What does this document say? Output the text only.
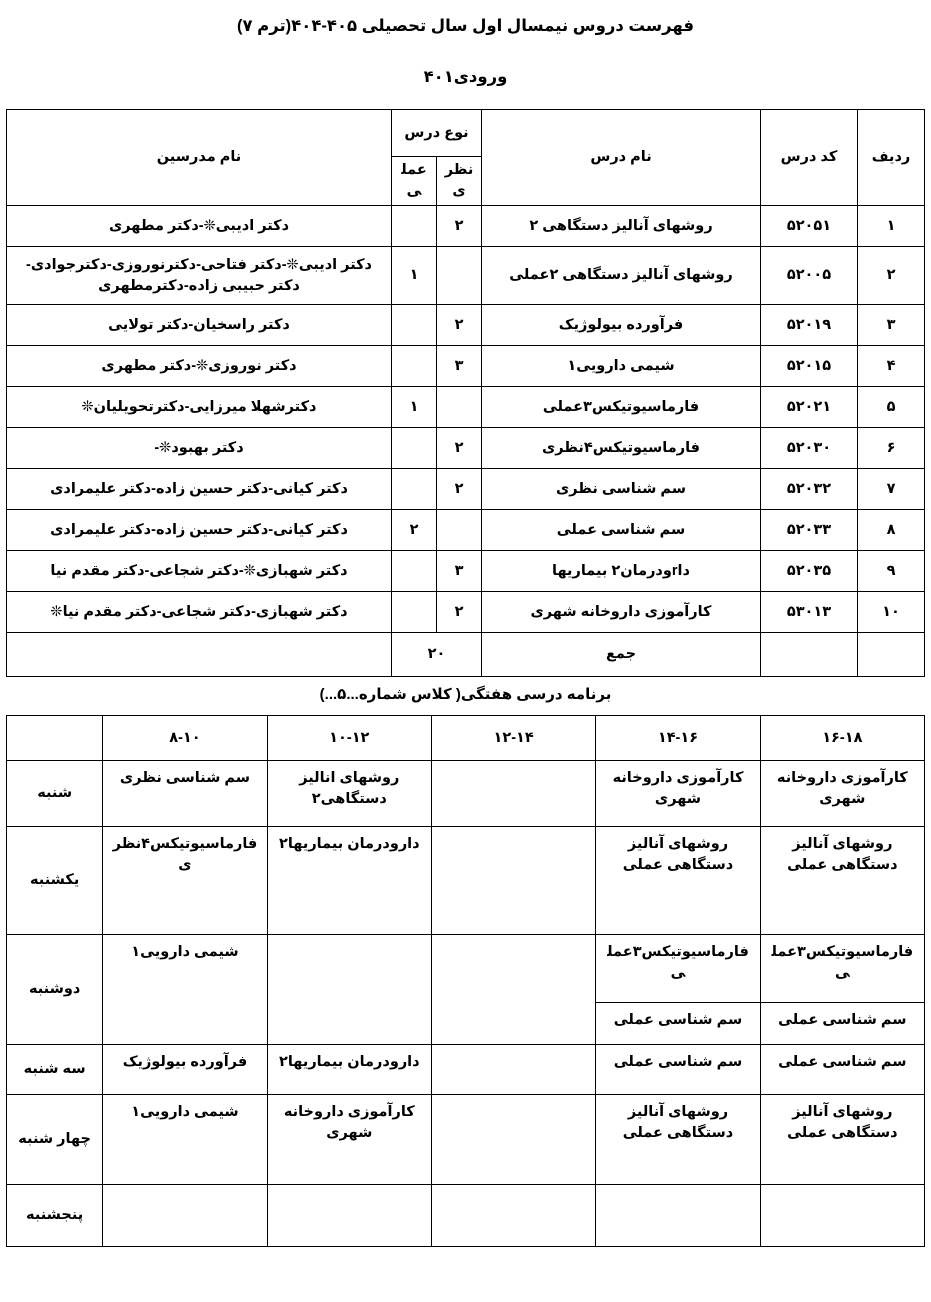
فهرست دروس نیمسال اول سال تحصیلی ۴۰۵-۴۰۴(ترم ۷)
ورودی۴۰۱
ردیف	کد درس	نام درس	نوع درس		نام مدرسین
			نظری	عملی	
۱	۵۲۰۵۱	روشهای آنالیز دستگاهی ۲	۲		دکتر ادیبی❊-دکتر مطهری
۲	۵۲۰۰۵	روشهای آنالیز دستگاهی ۲عملی		۱	دکتر ادیبی❊-دکتر فتاحی-دکترنوروزی-دکترجوادی-دکتر حبیبی زاده-دکترمطهری
۳	۵۲۰۱۹	فرآورده بیولوژیک	۲		دکتر راسخیان-دکتر تولایی
۴	۵۲۰۱۵	شیمی دارویی۱	۳		دکتر نوروزی❊-دکتر مطهری
۵	۵۲۰۲۱	فارماسیوتیکس۳عملی		۱	دکترشهلا میرزایی-دکترتحویلیان❊
۶	۵۲۰۳۰	فارماسیوتیکس۴نظری	۲		دکتر بهبود❊-
۷	۵۲۰۳۲	سم شناسی نظری	۲		دکتر کیانی-دکتر حسین زاده-دکتر علیمرادی
۸	۵۲۰۳۳	سم شناسی عملی		۲	دکتر کیانی-دکتر حسین زاده-دکتر علیمرادی
۹	۵۲۰۳۵	داrودرمان۲ بیماریها	۳		دکتر شهبازی❊-دکتر شجاعی-دکتر مقدم نیا
۱۰	۵۳۰۱۳	کارآموزی داروخانه شهری	۲		دکتر شهبازی-دکتر شجاعی-دکتر مقدم نیا❊
		جمع	۲۰		
برنامه درسی هفتگی( کلاس شماره...۵...)
۱۶-۱۸	۱۴-۱۶	۱۲-۱۴	۱۰-۱۲	۸-۱۰	
کارآموزی داروخانه شهری	کارآموزی داروخانه شهری		روشهای انالیز دستگاهی۲	سم شناسی نظری	شنبه
روشهای آنالیز دستگاهی عملی	روشهای آنالیز دستگاهی عملی		دارودرمان بیماریها۲	فارماسیوتیکس۴نظری	یکشنبه
فارماسیوتیکس۳عملی	فارماسیوتیکس۳عملی			شیمی دارویی۱	دوشنبه
سم شناسی عملی	سم شناسی عملی				
سم شناسی عملی	سم شناسی عملی		دارودرمان بیماریها۲	فرآورده بیولوژیک	سه شنبه
روشهای آنالیز دستگاهی عملی	روشهای آنالیز دستگاهی عملی		کارآموزی داروخانه شهری	شیمی دارویی۱	چهار شنبه
					پنجشنبه
